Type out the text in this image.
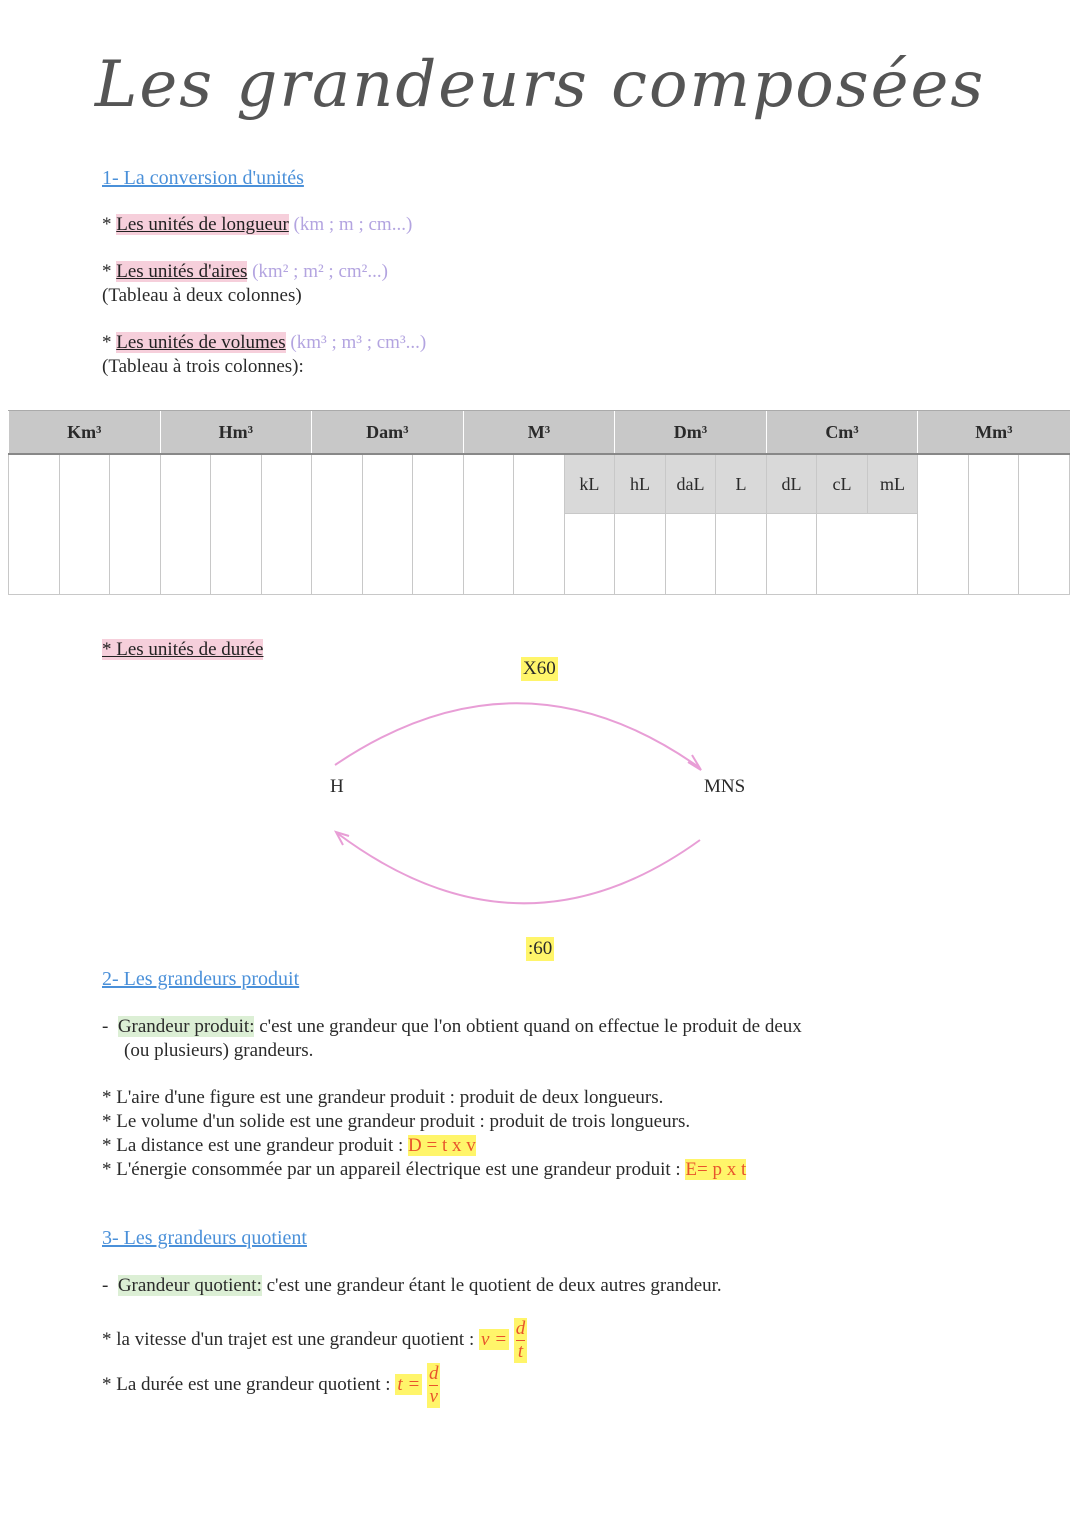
Les grandeurs composées
1- La conversion d'unités
* Les unités de longueur (km ; m ; cm...)
* Les unités d'aires (km² ; m² ; cm²...)
(Tableau à deux colonnes)
* Les unités de volumes (km³ ; m³ ; cm³...)
(Tableau à trois colonnes):
Km³			Hm³			Dam³			M³			Dm³			Cm³			Mm³		
											kL	hL	daL	L	dL	cL	mL			

* Les unités de durée
X60
:60
H	MNS
2- Les grandeurs produit
- Grandeur produit: c'est une grandeur que l'on obtient quand on effectue le produit de deux
(ou plusieurs) grandeurs.
* L'aire d'une figure est une grandeur produit : produit de deux longueurs.
* Le volume d'un solide est une grandeur produit : produit de trois longueurs.
* La distance est une grandeur produit : D = t x v
* L'énergie consommée par un appareil électrique est une grandeur produit : E= p x t
3- Les grandeurs quotient
- Grandeur quotient: c'est une grandeur étant le quotient de deux autres grandeur.
* la vitesse d'un trajet est une grandeur quotient : $v = \frac{d}{t}$
* La durée est une grandeur quotient : $t = \frac{d}{v}$
